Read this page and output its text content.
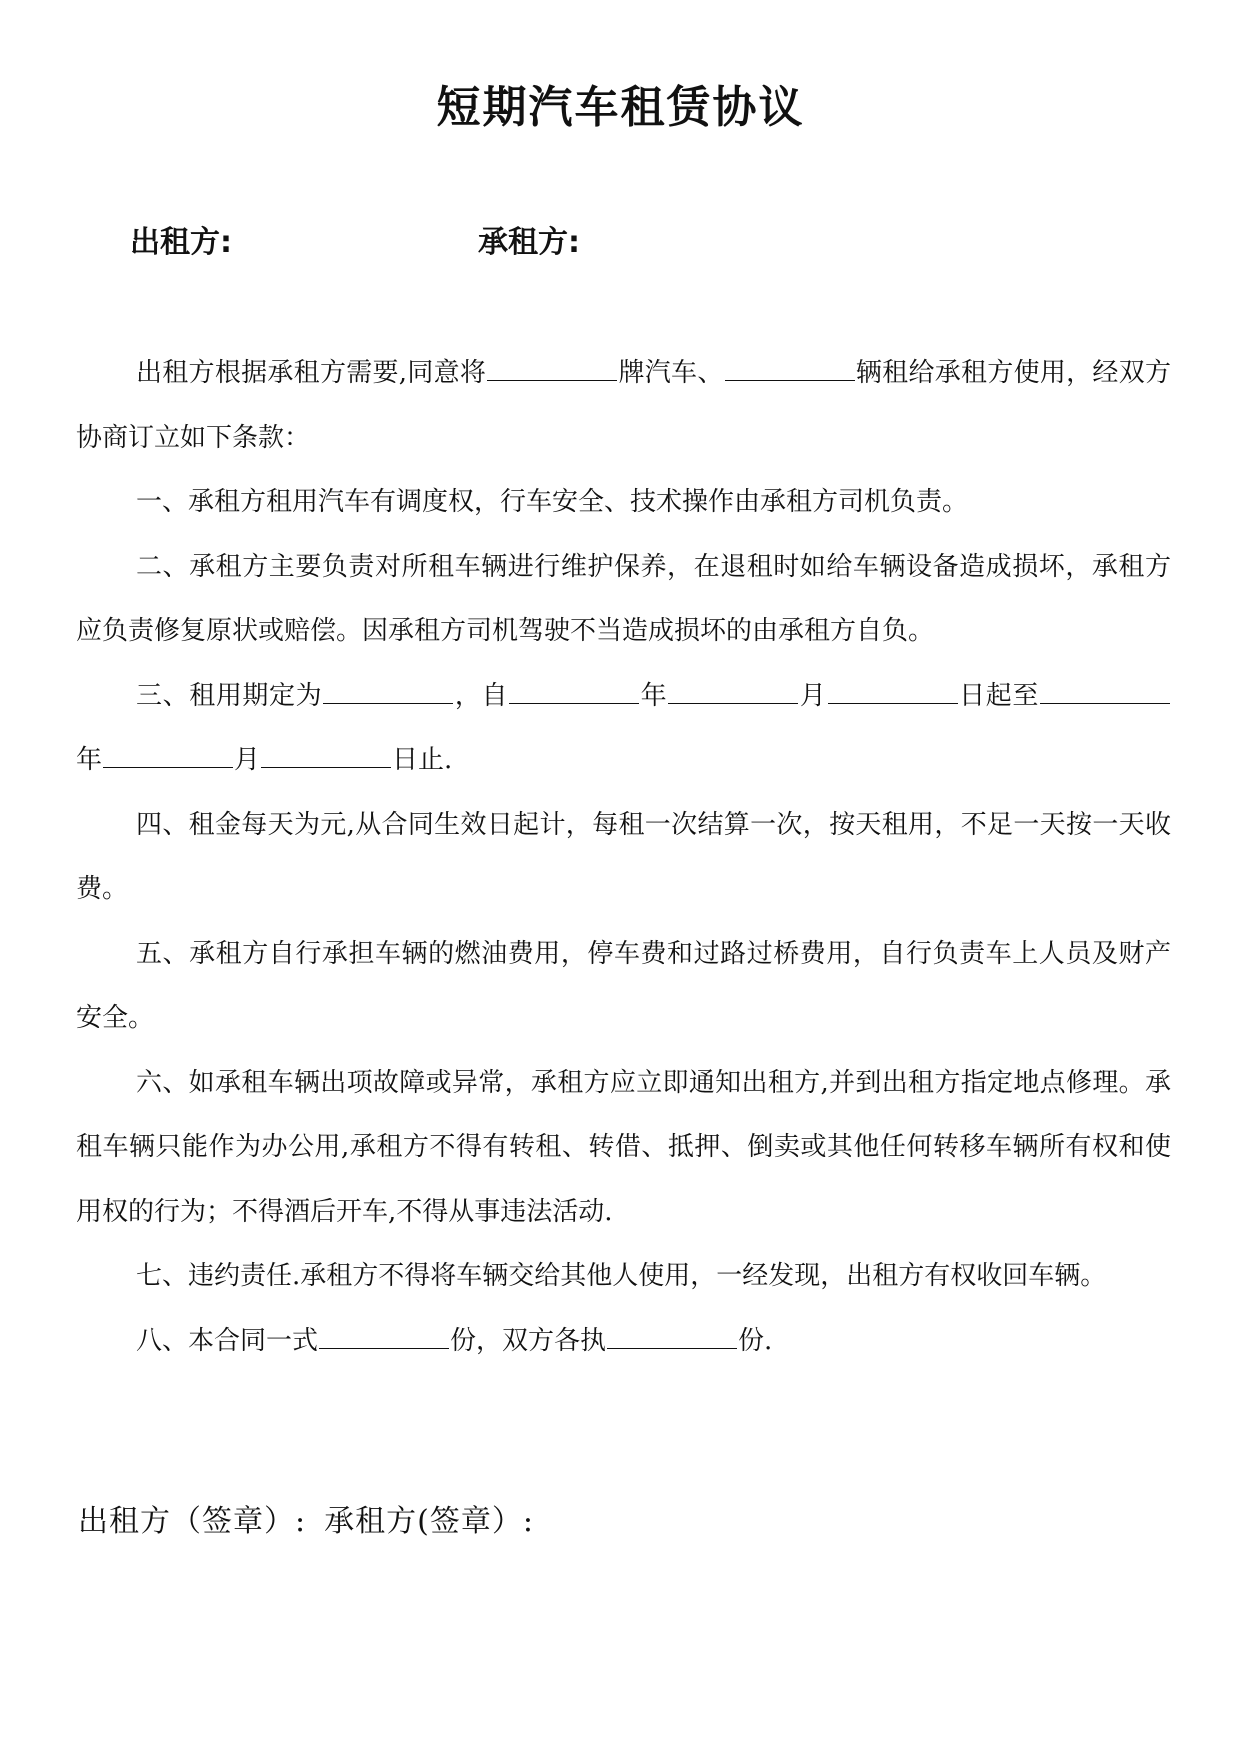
短期汽车租赁协议
出租方:	承租方:

出租方根据承租方需要,同意将	牌汽车、	辆租给承租方使用，经双方协商订立如下条款：

一、承租方租用汽车有调度权，行车安全、技术操作由承租方司机负责。

二、承租方主要负责对所租车辆进行维护保养，在退租时如给车辆设备造成损坏，承租方应负责修复原状或赔偿。因承租方司机驾驶不当造成损坏的由承租方自负。

三、租用期定为	，自	年	月	日起至年	月	日止.

四、租金每天为元,从合同生效日起计，每租一次结算一次，按天租用，不足一天按一天收费。

五、承租方自行承担车辆的燃油费用，停车费和过路过桥费用，自行负责车上人员及财产安全。

六、如承租车辆出项故障或异常，承租方应立即通知出租方,并到出租方指定地点修理。承租车辆只能作为办公用,承租方不得有转租、转借、抵押、倒卖或其他任何转移车辆所有权和使用权的行为；不得酒后开车,不得从事违法活动.

七、违约责任.承租方不得将车辆交给其他人使用，一经发现，出租方有权收回车辆。

八、本合同一式	份，双方各执	份.

出租方（签章）: 承租方(签章）:
